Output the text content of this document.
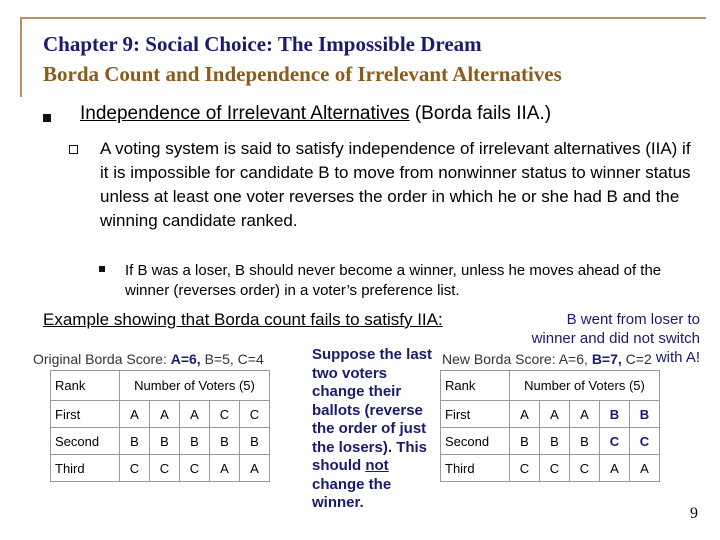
Chapter 9: Social Choice: The Impossible Dream
Borda Count and Independence of Irrelevant Alternatives
Independence of Irrelevant Alternatives (Borda fails IIA.)
A voting system is said to satisfy independence of irrelevant alternatives (IIA) if it is impossible for candidate B to move from nonwinner status to winner status unless at least one voter reverses the order in which he or she had B and the winning candidate ranked.
If B was a loser, B should never become a winner, unless he moves ahead of the winner (reverses order) in a voter’s preference list.
Example showing that Borda count fails to satisfy IIA:	B went from loser to winner and did not switch with A!
Original Borda Score: A=6, B=5, C=4
Rank	Number of Voters (5)				
First	A	A	A	C	C
Second	B	B	B	B	B
Third	C	C	C	A	A
Suppose the last two voters change their ballots (reverse the order of just the losers). This should not change the winner.
New Borda Score: A=6, B=7, C=2
Rank	Number of Voters (5)				
First	A	A	A	B	B
Second	B	B	B	C	C
Third	C	C	C	A	A
9
